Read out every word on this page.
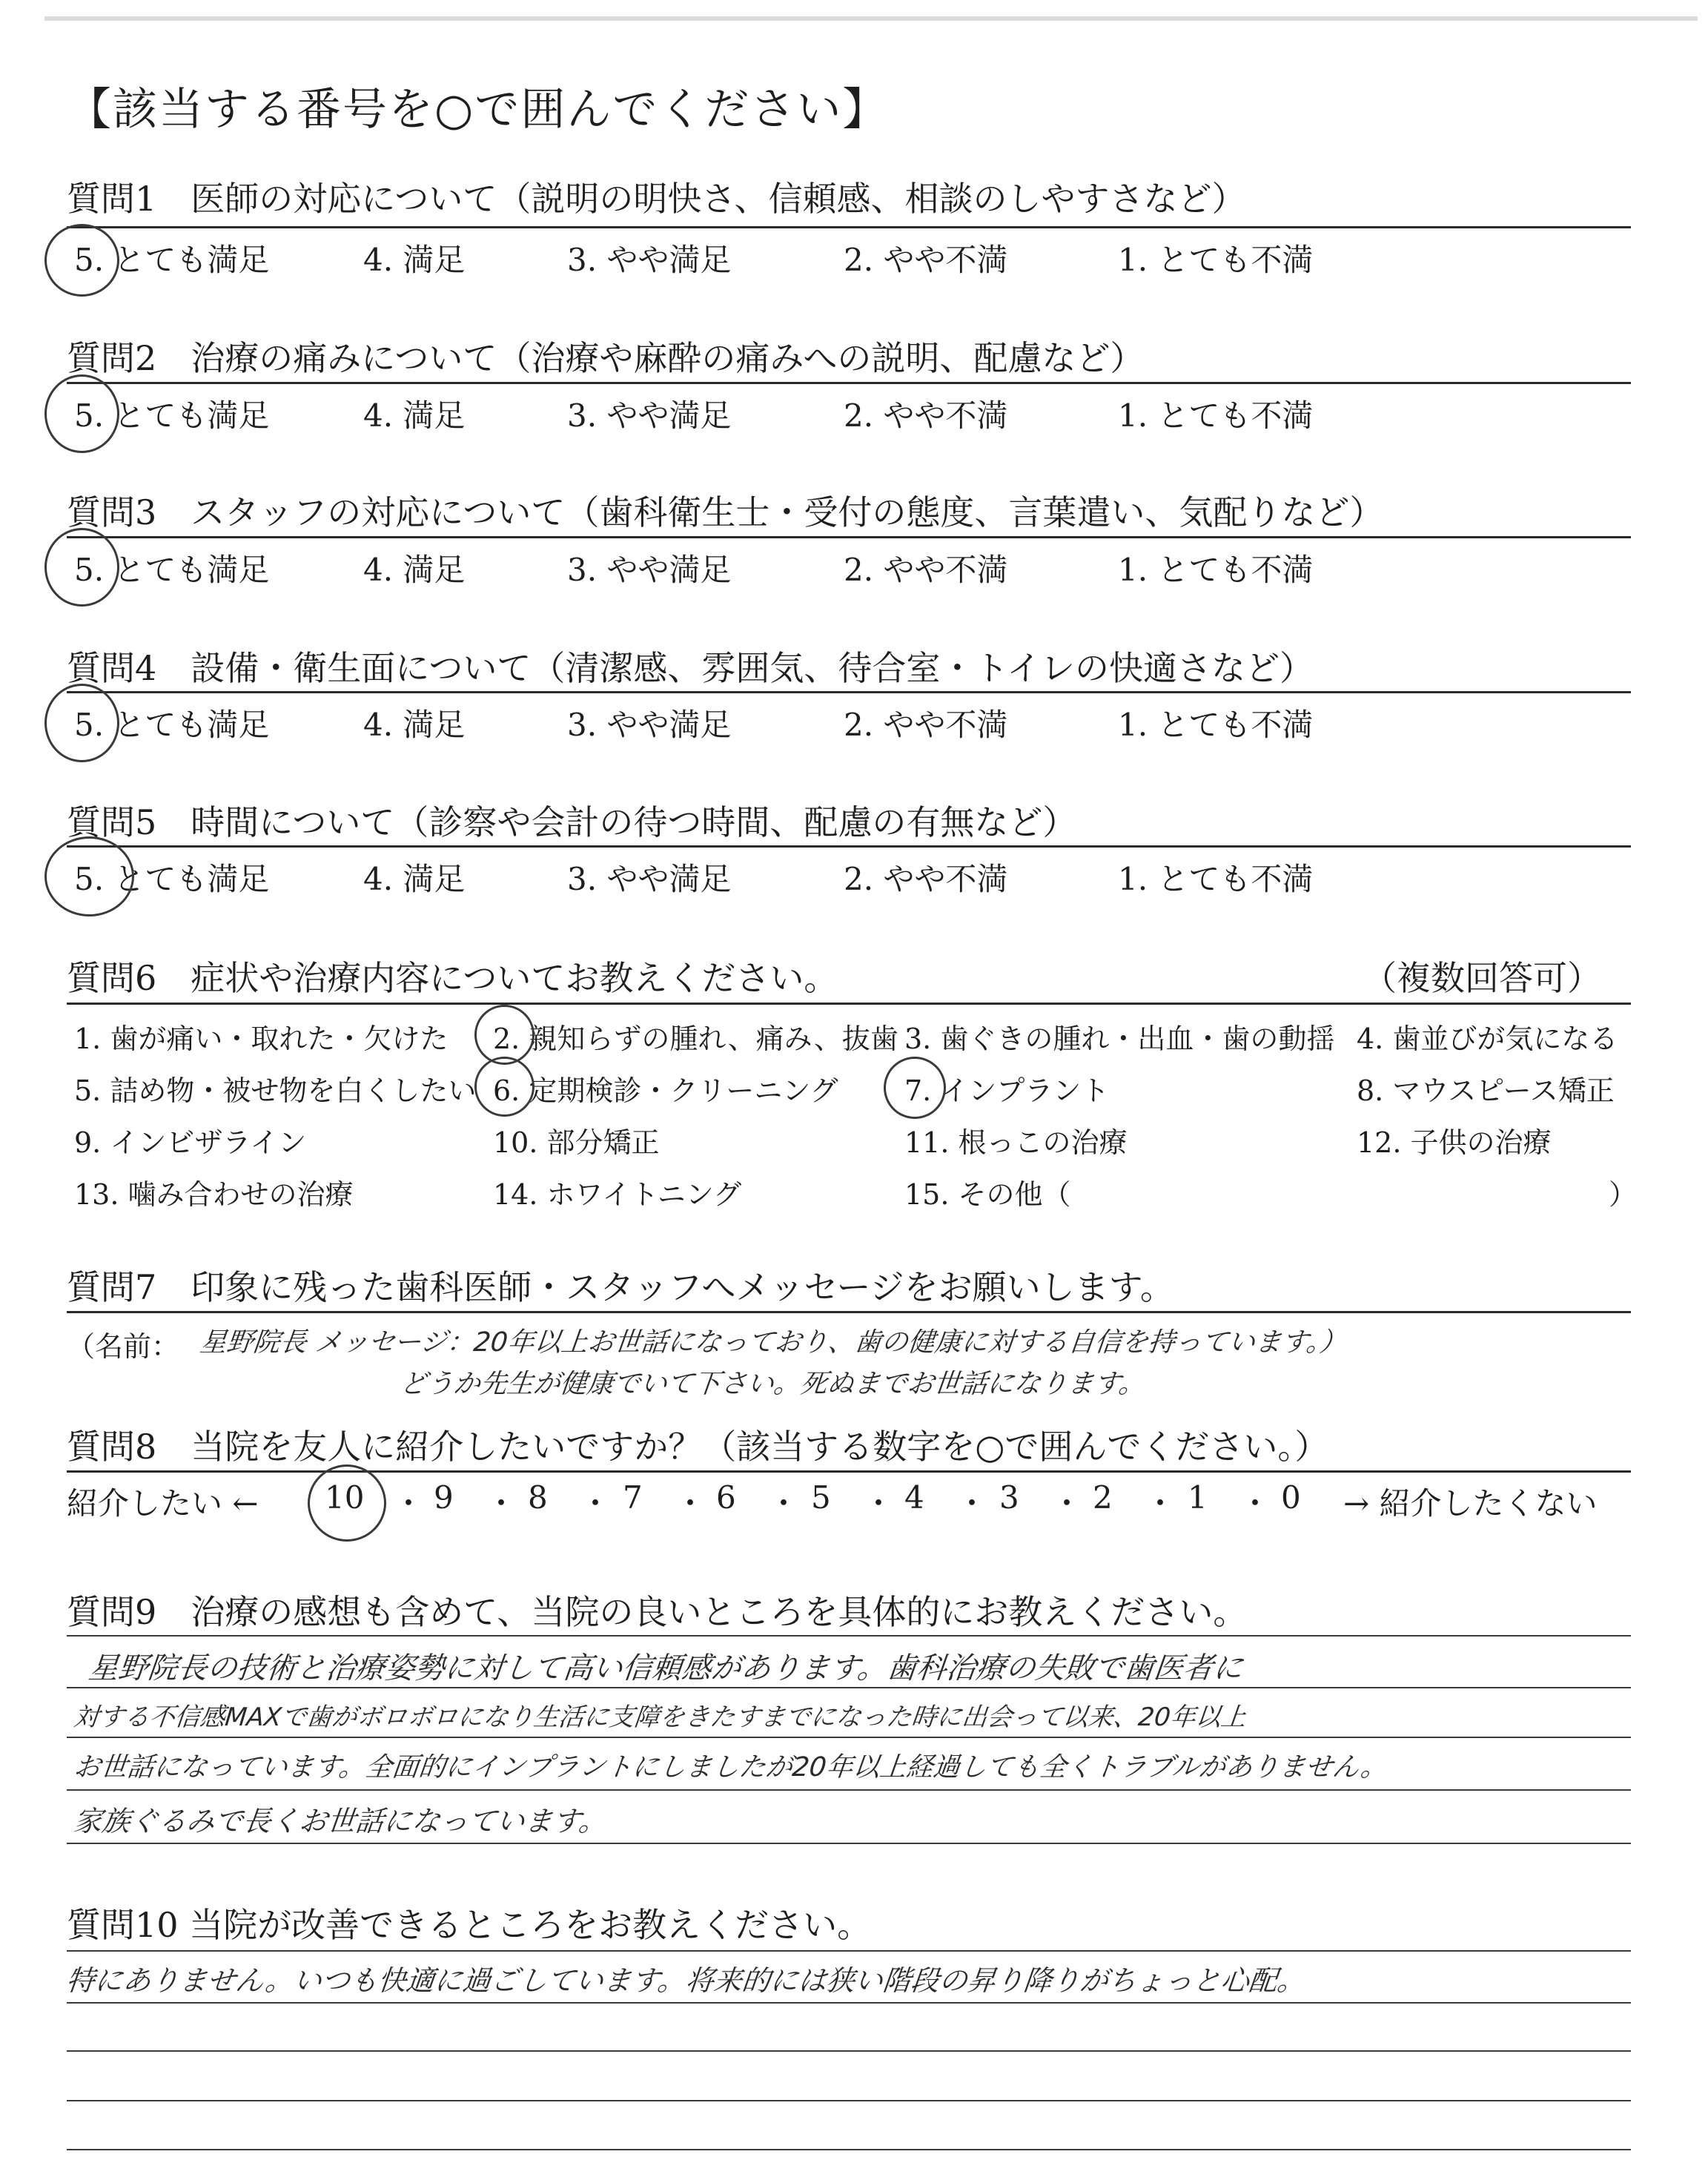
【該当する番号を○で囲んでください】
質問1　医師の対応について（説明の明快さ、信頼感、相談のしやすさなど）
5. とても満足	4. 満足	3. やや満足	2. やや不満	1. とても不満
質問2　治療の痛みについて（治療や麻酔の痛みへの説明、配慮など）
5. とても満足	4. 満足	3. やや満足	2. やや不満	1. とても不満
質問3　スタッフの対応について（歯科衛生士・受付の態度、言葉遣い、気配りなど）
5. とても満足	4. 満足	3. やや満足	2. やや不満	1. とても不満
質問4　設備・衛生面について（清潔感、雰囲気、待合室・トイレの快適さなど）
5. とても満足	4. 満足	3. やや満足	2. やや不満	1. とても不満
質問5　時間について（診察や会計の待つ時間、配慮の有無など）
5. とても満足	4. 満足	3. やや満足	2. やや不満	1. とても不満
質問6　症状や治療内容についてお教えください。	（複数回答可）
1. 歯が痛い・取れた・欠けた 2. 親知らずの腫れ、痛み、抜歯 3. 歯ぐきの腫れ・出血・歯の動揺 4. 歯並びが気になる
5. 詰め物・被せ物を白くしたい 6. 定期検診・クリーニング 7. インプラント	8. マウスピース矯正
9. インビザライン	10. 部分矯正	11. 根っこの治療	12. 子供の治療
13. 噛み合わせの治療	14. ホワイトニング	15. その他（	）
質問7　印象に残った歯科医師・スタッフへメッセージをお願いします。
（名前： 星野院長 メッセージ：20年以上お世話になっており、歯の健康に対する自信を持っています。）
どうか先生が健康でいて下さい。死ぬまでお世話になります。
質問8　当院を友人に紹介したいですか？（該当する数字を○で囲んでください。）
紹介したい ← 10 ・ 9 ・ 8 ・ 7 ・ 6 ・ 5 ・ 4 ・ 3 ・ 2 ・ 1 ・ 0 → 紹介したくない
質問9　治療の感想も含めて、当院の良いところを具体的にお教えください。
星野院長の技術と治療姿勢に対して高い信頼感があります。歯科治療の失敗で歯医者に
対する不信感MAXで歯がボロボロになり生活に支障をきたすまでになった時に出会って以来、20年以上
お世話になっています。全面的にインプラントにしましたが20年以上経過しても全くトラブルがありません。
家族ぐるみで長くお世話になっています。
質問10 当院が改善できるところをお教えください。
特にありません。いつも快適に過ごしています。将来的には狭い階段の昇り降りがちょっと心配。
